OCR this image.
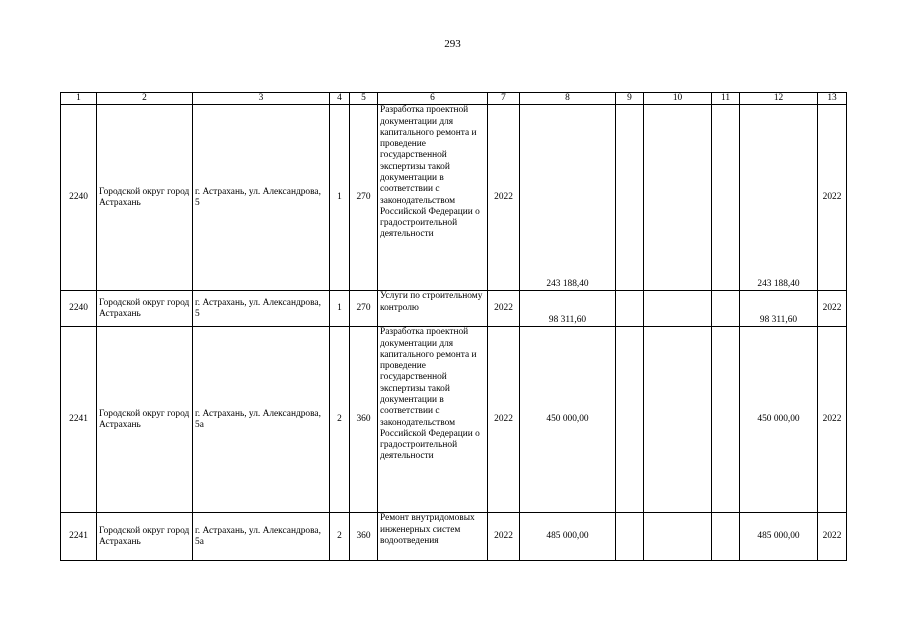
293
1	2	3	4	5	6	7	8	9	10	11	12	13
2240	Городской округ город Астрахань	г. Астрахань, ул. Александрова, 5	1	270	Разработка проектной документации для капитального ремонта и проведение государственной экспертизы такой документации в соответствии с законодательством Российской Федерации о градостроительной деятельности	2022	243 188,40				243 188,40	2022
2240	Городской округ город Астрахань	г. Астрахань, ул. Александрова, 5	1	270	Услуги по строительному контролю	2022	98 311,60				98 311,60	2022
2241	Городской округ город Астрахань	г. Астрахань, ул. Александрова, 5а	2	360	Разработка проектной документации для капитального ремонта и проведение государственной экспертизы такой документации в соответствии с законодательством Российской Федерации о градостроительной деятельности	2022	450 000,00				450 000,00	2022
2241	Городской округ город Астрахань	г. Астрахань, ул. Александрова, 5а	2	360	Ремонт внутридомовых инженерных систем водоотведения	2022	485 000,00				485 000,00	2022
